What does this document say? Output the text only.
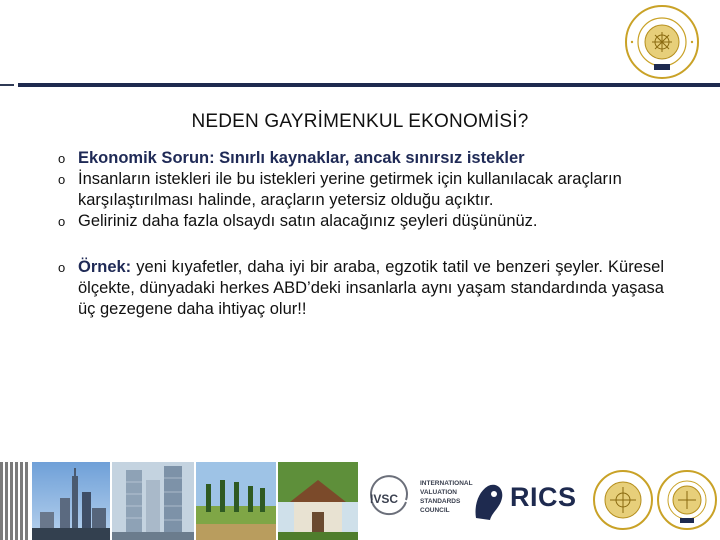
NEDEN GAYRİMENKUL EKONOMİSİ?
o Ekonomik Sorun: Sınırlı kaynaklar, ancak sınırsız istekler
o İnsanların istekleri ile bu istekleri yerine getirmek için kullanılacak araçların karşılaştırılması halinde, araçların yetersiz olduğu açıktır.
o Geliriniz daha fazla olsaydı satın alacağınız şeyleri düşününüz.
o Örnek: yeni kıyafetler, daha iyi bir araba, egzotik tatil ve benzeri şeyler. Küresel ölçekte, dünyadaki herkes ABD’deki insanlarla aynı yaşam standardında yaşasa üç gezegene daha ihtiyaç olur!!
IVSC
INTERNATIONAL
VALUATION
STANDARDS
COUNCIL	RICS
